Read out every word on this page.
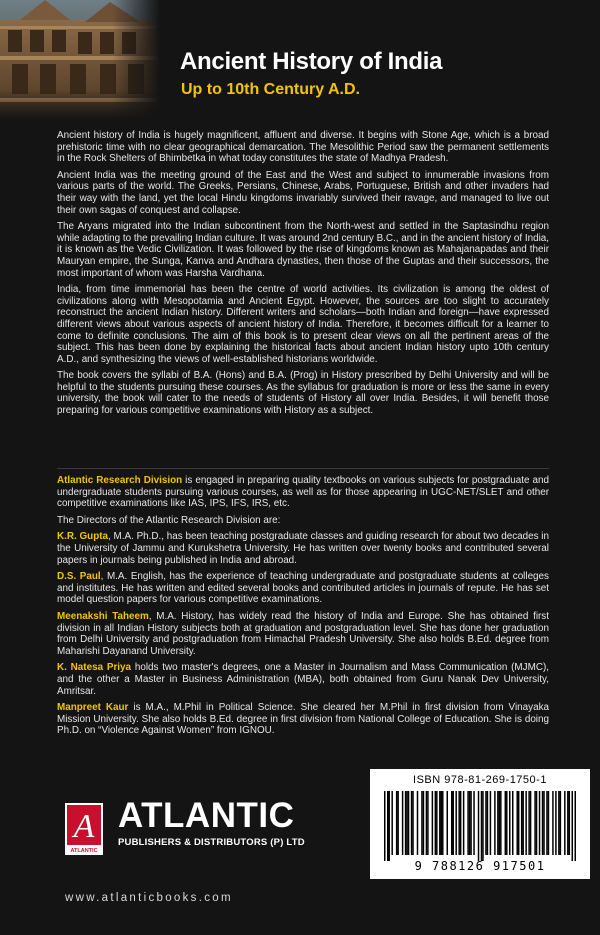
Ancient History of India
Up to 10th Century A.D.

Ancient history of India is hugely magnificent, affluent and diverse. It begins with Stone Age, which is a broad prehistoric time with no clear geographical demarcation. The Mesolithic Period saw the permanent settlements in the Rock Shelters of Bhimbetka in what today constitutes the state of Madhya Pradesh.

Ancient India was the meeting ground of the East and the West and subject to innumerable invasions from various parts of the world. The Greeks, Persians, Chinese, Arabs, Portuguese, British and other invaders had their way with the land, yet the local Hindu kingdoms invariably survived their ravage, and managed to live out their own sagas of conquest and collapse.

The Aryans migrated into the Indian subcontinent from the North-west and settled in the Saptasindhu region while adapting to the prevailing Indian culture. It was around 2nd century B.C., and in the ancient history of India, it is known as the Vedic Civilization. It was followed by the rise of kingdoms known as Mahajanapadas and their Mauryan empire, the Sunga, Kanva and Andhara dynasties, then those of the Guptas and their successors, the most important of whom was Harsha Vardhana.

India, from time immemorial has been the centre of world activities. Its civilization is among the oldest of civilizations along with Mesopotamia and Ancient Egypt. However, the sources are too slight to accurately reconstruct the ancient Indian history. Different writers and scholars—both Indian and foreign—have expressed different views about various aspects of ancient history of India. Therefore, it becomes difficult for a learner to come to definite conclusions. The aim of this book is to present clear views on all the pertinent areas of the subject. This has been done by explaining the historical facts about ancient Indian history upto 10th century A.D., and synthesizing the views of well-established historians worldwide.

The book covers the syllabi of B.A. (Hons) and B.A. (Prog) in History prescribed by Delhi University and will be helpful to the students pursuing these courses. As the syllabus for graduation is more or less the same in every university, the book will cater to the needs of students of History all over India. Besides, it will benefit those preparing for various competitive examinations with History as a subject.

Atlantic Research Division is engaged in preparing quality textbooks on various subjects for postgraduate and undergraduate students pursuing various courses, as well as for those appearing in UGC-NET/SLET and other competitive examinations like IAS, IPS, IFS, IRS, etc.

The Directors of the Atlantic Research Division are:

K.R. Gupta, M.A. Ph.D., has been teaching postgraduate classes and guiding research for about two decades in the University of Jammu and Kurukshetra University. He has written over twenty books and contributed several papers in journals being published in India and abroad.

D.S. Paul, M.A. English, has the experience of teaching undergraduate and postgraduate students at colleges and institutes. He has written and edited several books and contributed articles in journals of repute. He has set model question papers for various competitive examinations.

Meenakshi Taheem, M.A. History, has widely read the history of India and Europe. She has obtained first division in all Indian History subjects both at graduation and postgraduation level. She has done her graduation from Delhi University and postgraduation from Himachal Pradesh University. She also holds B.Ed. degree from Maharishi Dayanand University.

K. Natesa Priya holds two master's degrees, one a Master in Journalism and Mass Communication (MJMC), and the other a Master in Business Administration (MBA), both obtained from Guru Nanak Dev University, Amritsar.

Manpreet Kaur is M.A., M.Phil in Political Science. She cleared her M.Phil in first division from Vinayaka Mission University. She also holds B.Ed. degree in first division from National College of Education. She is doing Ph.D. on “Violence Against Women” from IGNOU.

ISBN 978-81-269-1750-1
9 788126 917501
A
ATLANTIC
ATLANTIC
PUBLISHERS & DISTRIBUTORS (P) LTD
www.atlanticbooks.com
